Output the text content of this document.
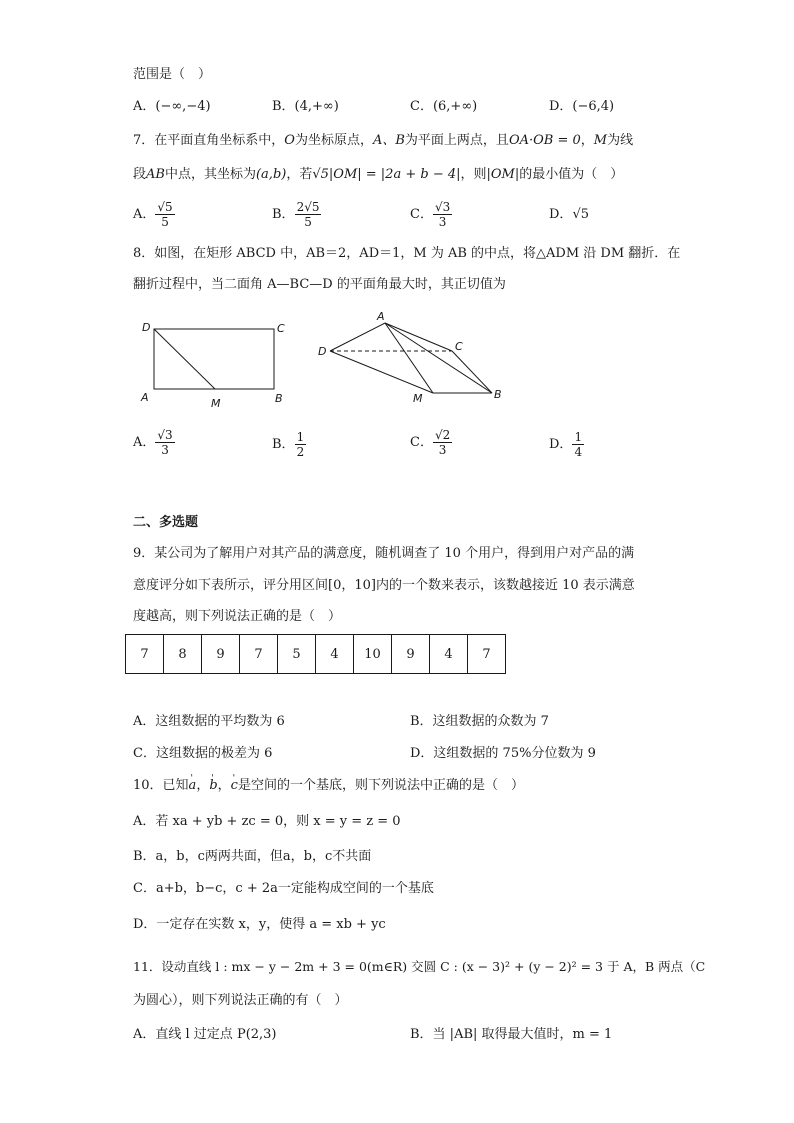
范围是（　）
A．(−∞,−4)	B．(4,+∞)	C．(6,+∞)	D．(−6,4)
7．在平面直角坐标系中，O为坐标原点，A、B为平面上两点，且OA·OB = 0，M为线
段AB中点，其坐标为(a,b)，若√5|OM| = |2a + b − 4|，则|OM|的最小值为（　）
A． $\frac{√5}{5}$	B． $\frac{2√5}{5}$	C． $\frac{√3}{3}$	D．√5
8．如图，在矩形 ABCD 中，AB＝2，AD＝1，M 为 AB 的中点，将△ADM 沿 DM 翻折．在
翻折过程中，当二面角 A—BC—D 的平面角最大时，其正切值为
D	C
A	M	B
A
D	C
M	B
A． $\frac{√3}{3}$	B． $\frac{1}{2}$	C． $\frac{√2}{3}$	D． $\frac{1}{4}$
二、多选题
9．某公司为了解用户对其产品的满意度，随机调查了 10 个用户，得到用户对产品的满
意度评分如下表所示，评分用区间[0，10]内的一个数来表示，该数越接近 10 表示满意
度越高，则下列说法正确的是（　）
7	8	9	7	5	4	10	9	4	7
A．这组数据的平均数为 6	B．这组数据的众数为 7
C．这组数据的极差为 6	D．这组数据的 75%分位数为 9
10．已知' a，' b，' c是空间的一个基底，则下列说法中正确的是（　）
A．若 xa + yb + zc = 0，则 x = y = z = 0
B．a，b，c两两共面，但a，b，c不共面
C．a+b，b−c，c + 2a一定能构成空间的一个基底
D．一定存在实数 x，y，使得 a = xb + yc
11．设动直线 l : mx − y − 2m + 3 = 0(m∈R) 交圆 C : (x − 3)² + (y − 2)² = 3 于 A，B 两点（C
为圆心），则下列说法正确的有（　）
A．直线 l 过定点 P(2,3)	B．当 |AB| 取得最大值时，m = 1
